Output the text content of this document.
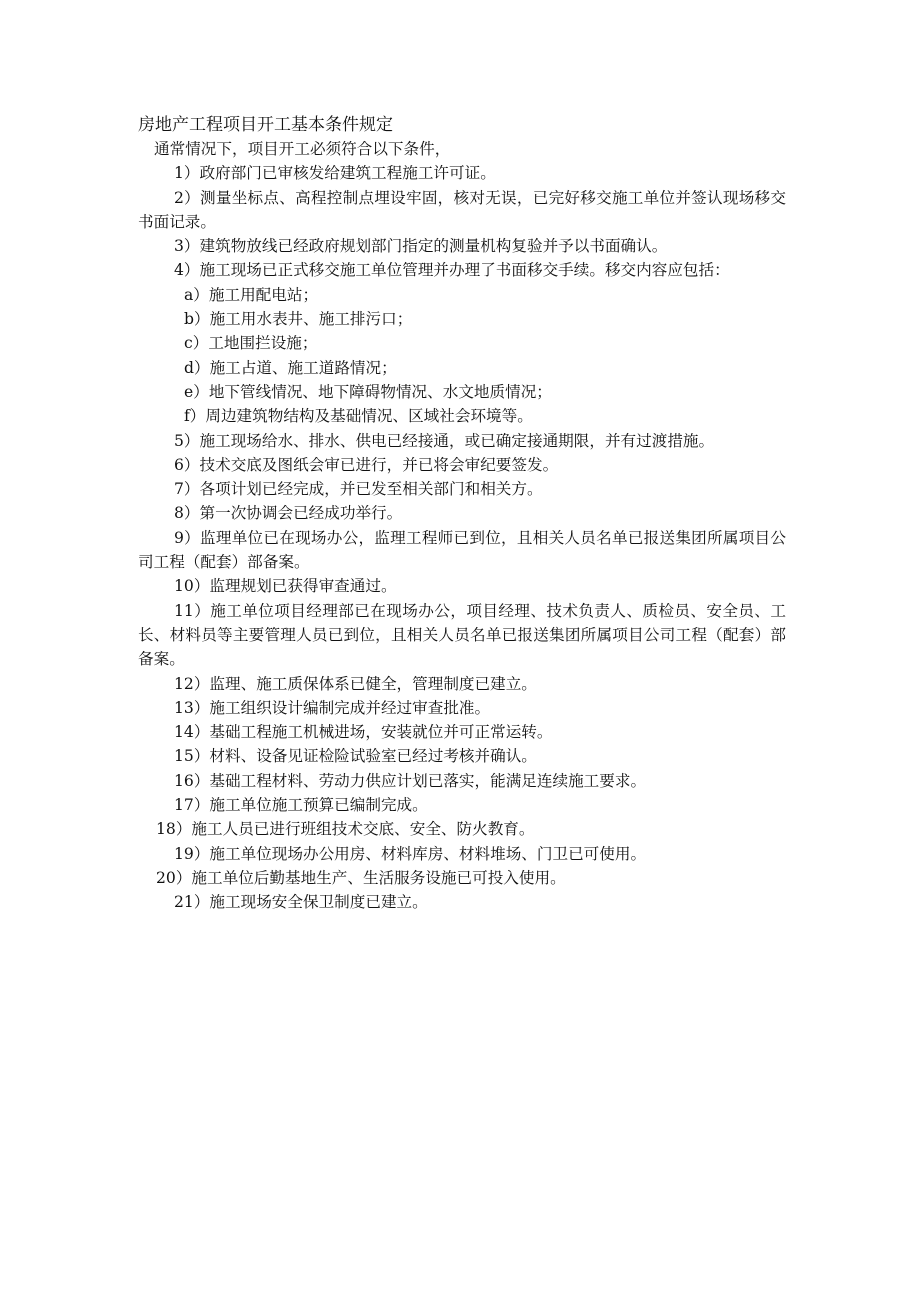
房地产工程项目开工基本条件规定

通常情况下，项目开工必须符合以下条件，

1）政府部门已审核发给建筑工程施工许可证。

2）测量坐标点、高程控制点埋设牢固，核对无误，已完好移交施工单位并签认现场移交书面记录。

3）建筑物放线已经政府规划部门指定的测量机构复验并予以书面确认。

4）施工现场已正式移交施工单位管理并办理了书面移交手续。移交内容应包括：

a）施工用配电站；

b）施工用水表井、施工排污口；

c）工地围拦设施；

d）施工占道、施工道路情况；

e）地下管线情况、地下障碍物情况、水文地质情况；

f）周边建筑物结构及基础情况、区域社会环境等。

5）施工现场给水、排水、供电已经接通，或已确定接通期限，并有过渡措施。

6）技术交底及图纸会审已进行，并已将会审纪要签发。

7）各项计划已经完成，并已发至相关部门和相关方。

8）第一次协调会已经成功举行。

9）监理单位已在现场办公，监理工程师已到位，且相关人员名单已报送集团所属项目公司工程（配套）部备案。

10）监理规划已获得审查通过。

11）施工单位项目经理部已在现场办公，项目经理、技术负责人、质检员、安全员、工长、材料员等主要管理人员已到位，且相关人员名单已报送集团所属项目公司工程（配套）部备案。

12）监理、施工质保体系已健全，管理制度已建立。

13）施工组织设计编制完成并经过审查批准。

14）基础工程施工机械进场，安装就位并可正常运转。

15）材料、设备见证检险试验室已经过考核并确认。

16）基础工程材料、劳动力供应计划已落实，能满足连续施工要求。

17）施工单位施工预算已编制完成。

18）施工人员已进行班组技术交底、安全、防火教育。

19）施工单位现场办公用房、材料库房、材料堆场、门卫已可使用。

20）施工单位后勤基地生产、生活服务设施已可投入使用。

21）施工现场安全保卫制度已建立。
